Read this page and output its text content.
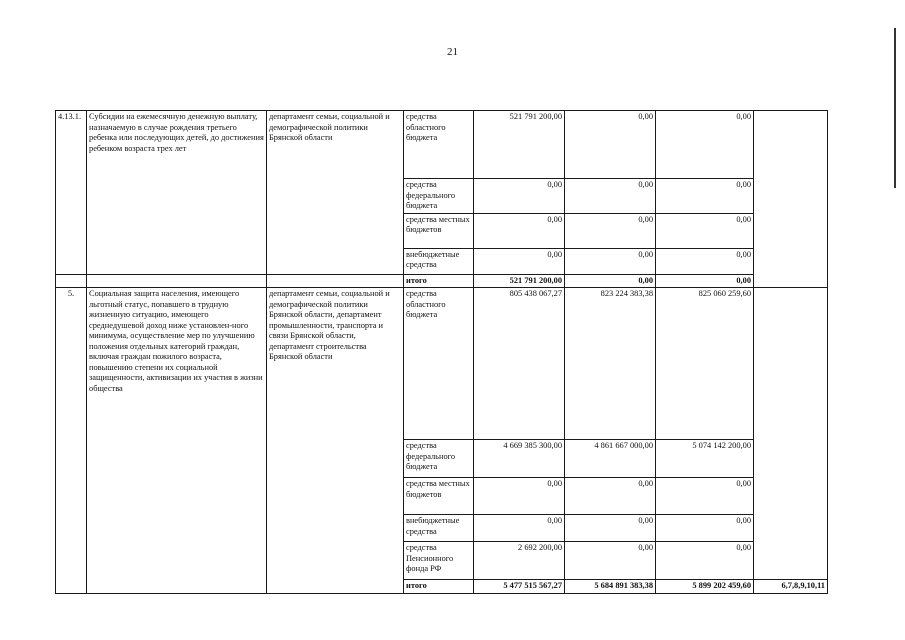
21
4.13.1.	Субсидии на ежемесячную денежную выплату, назначаемую в случае рождения третьего ребенка или последующих детей, до достижения ребенком возраста трех лет	департамент семьи, социальной и демографической политики Брянской области	средства областного бюджета	521 791 200,00	0,00	0,00	
			средства федерального бюджета	0,00	0,00	0,00	
			средства местных бюджетов	0,00	0,00	0,00	
			внебюджетные средства	0,00	0,00	0,00	
			итого	521 791 200,00	0,00	0,00	
5.	Социальная защита населения, имеющего льготный статус, попавшего в трудную жизненную ситуацию, имеющего среднедушевой доход ниже установлен-ного минимума, осуществление мер по улучшению положения отдельных категорий граждан, включая граждан пожилого возраста, повышению степени их социальной защищенности, активизации их участия в жизни общества	департамент семьи, социальной и демографической политики Брянской области, департамент промышленности, транспорта и связи Брянской области, департамент строительства Брянской области	средства областного бюджета	805 438 067,27	823 224 383,38	825 060 259,60	
			средства федерального бюджета	4 669 385 300,00	4 861 667 000,00	5 074 142 200,00	
			средства местных бюджетов	0,00	0,00	0,00	
			внебюджетные средства	0,00	0,00	0,00	
			средства Пенсионного фонда РФ	2 692 200,00	0,00	0,00	
			итого	5 477 515 567,27	5 684 891 383,38	5 899 202 459,60	6,7,8,9,10,11
